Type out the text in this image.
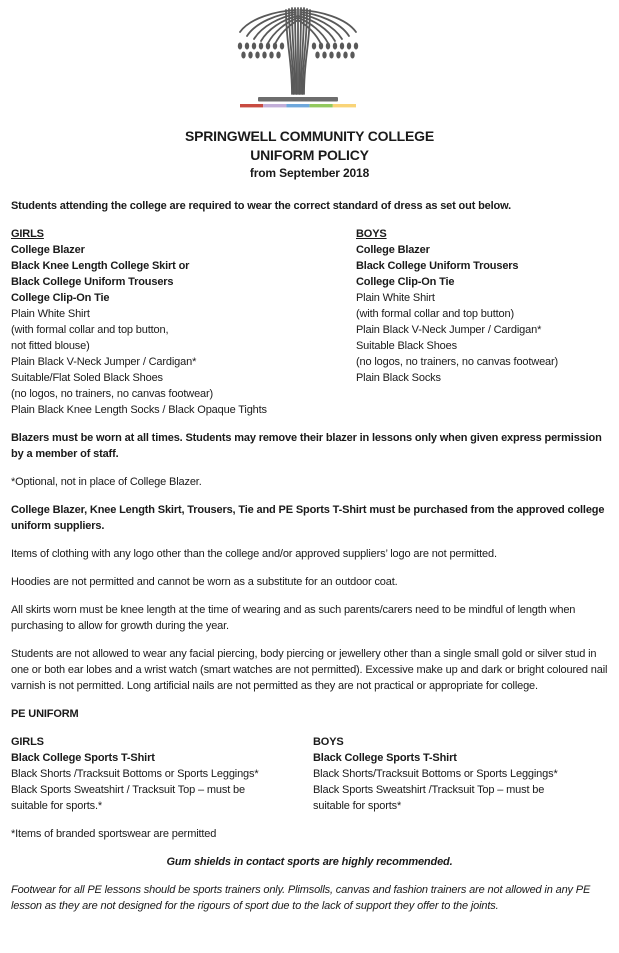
SPRINGWELL COMMUNITY COLLEGE
UNIFORM POLICY
from September 2018

Students attending the college are required to wear the correct standard of dress as set out below.

GIRLS
College Blazer
Black Knee Length College Skirt or
Black College Uniform Trousers
College Clip-On Tie
Plain White Shirt
(with formal collar and top button,
not fitted blouse)
Plain Black V-Neck Jumper / Cardigan*
Suitable/Flat Soled Black Shoes
(no logos, no trainers, no canvas footwear)
Plain Black Knee Length Socks / Black Opaque Tights
BOYS
College Blazer
Black College Uniform Trousers
College Clip-On Tie
Plain White Shirt
(with formal collar and top button)
Plain Black V-Neck Jumper / Cardigan*
Suitable Black Shoes
(no logos, no trainers, no canvas footwear)
Plain Black Socks

Blazers must be worn at all times. Students may remove their blazer in lessons only when given express permission by a member of staff.

*Optional, not in place of College Blazer.

College Blazer, Knee Length Skirt, Trousers, Tie and PE Sports T-Shirt must be purchased from the approved college uniform suppliers.

Items of clothing with any logo other than the college and/or approved suppliers’ logo are not permitted.

Hoodies are not permitted and cannot be worn as a substitute for an outdoor coat.

All skirts worn must be knee length at the time of wearing and as such parents/carers need to be mindful of length when purchasing to allow for growth during the year.

Students are not allowed to wear any facial piercing, body piercing or jewellery other than a single small gold or silver stud in one or both ear lobes and a wrist watch (smart watches are not permitted). Excessive make up and dark or bright coloured nail varnish is not permitted. Long artificial nails are not permitted as they are not practical or appropriate for college.

PE UNIFORM

GIRLS
Black College Sports T-Shirt
Black Shorts /Tracksuit Bottoms or Sports Leggings*
Black Sports Sweatshirt / Tracksuit Top – must be
suitable for sports.*
BOYS
Black College Sports T-Shirt
Black Shorts/Tracksuit Bottoms or Sports Leggings*
Black Sports Sweatshirt /Tracksuit Top – must be
suitable for sports*

*Items of branded sportswear are permitted

Gum shields in contact sports are highly recommended.

Footwear for all PE lessons should be sports trainers only. Plimsolls, canvas and fashion trainers are not allowed in any PE lesson as they are not designed for the rigours of sport due to the lack of support they offer to the joints.
